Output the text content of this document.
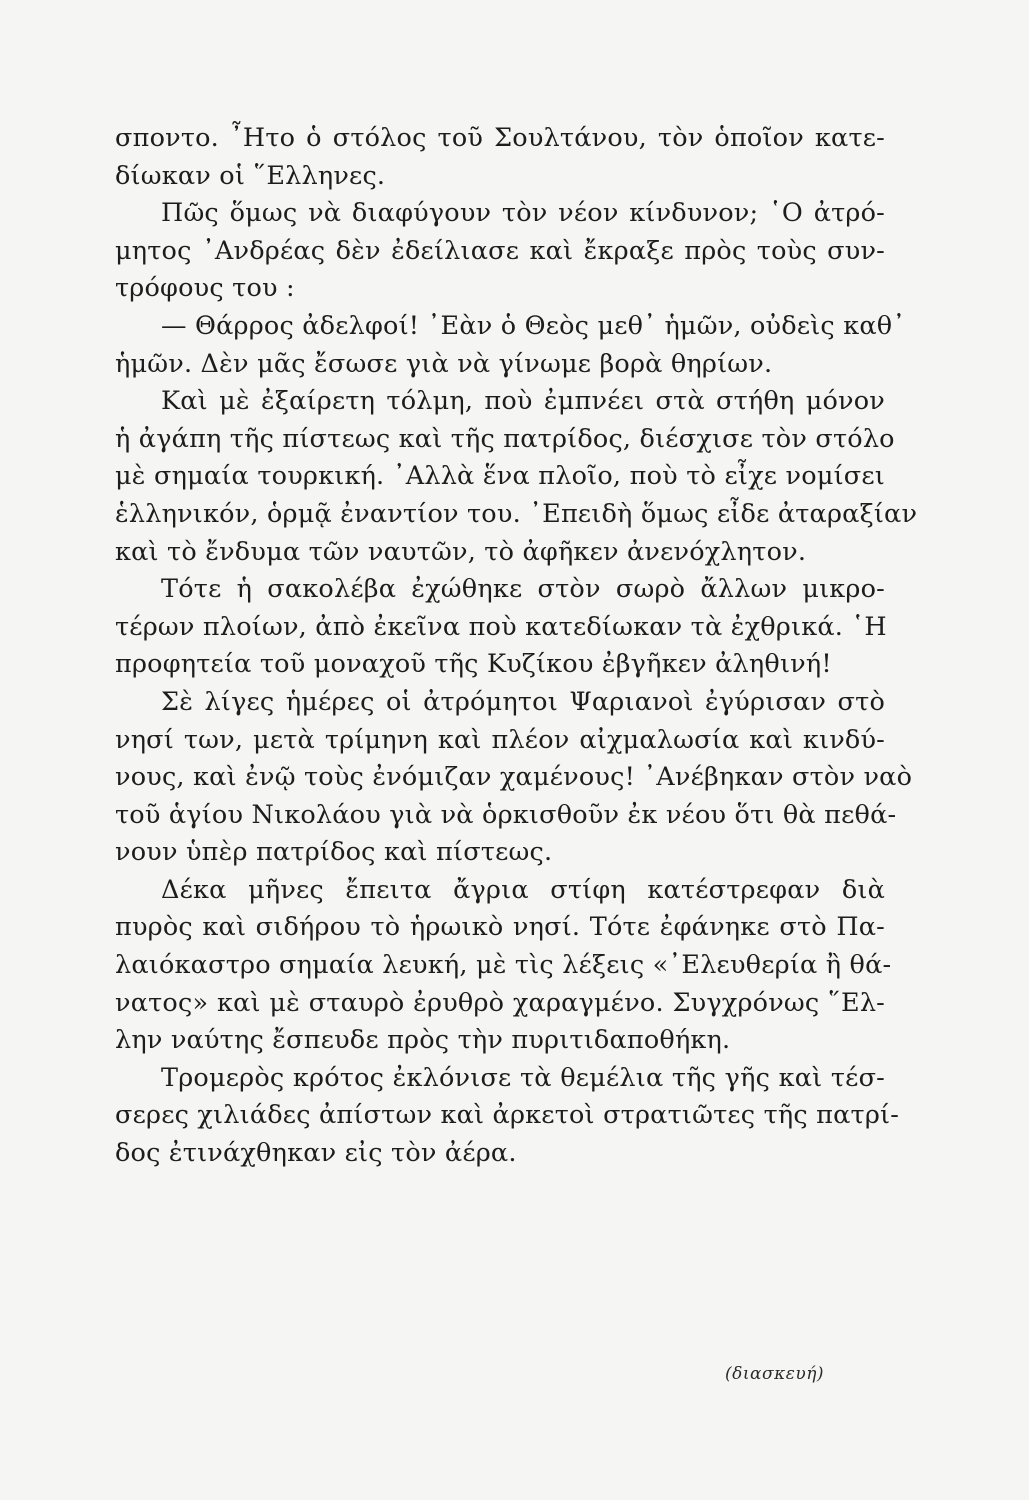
σποντο. ῏Ητο ὁ στόλος τοῦ Σουλτάνου, τὸν ὁποῖον κατε-
δίωκαν οἱ ῞Ελληνες.
Πῶς ὅμως νὰ διαφύγουν τὸν νέον κίνδυνον; ῾Ο ἀτρό-
μητος ᾿Ανδρέας δὲν ἐδείλιασε καὶ ἔκραξε πρὸς τοὺς συν-
τρόφους του :
— Θάρρος ἀδελφοί! ᾿Εὰν ὁ Θεὸς μεθ᾿ ἡμῶν, οὐδεὶς καθ᾿
ἡμῶν. Δὲν μᾶς ἔσωσε γιὰ νὰ γίνωμε βορὰ θηρίων.
Καὶ μὲ ἐξαίρετη τόλμη, ποὺ ἐμπνέει στὰ στήθη μόνον
ἡ ἀγάπη τῆς πίστεως καὶ τῆς πατρίδος, διέσχισε τὸν στόλο
μὲ σημαία τουρκική. ᾿Αλλὰ ἕνα πλοῖο, ποὺ τὸ εἶχε νομίσει
ἑλληνικόν, ὁρμᾷ ἐναντίον του. ᾿Επειδὴ ὅμως εἶδε ἀταραξίαν
καὶ τὸ ἔνδυμα τῶν ναυτῶν, τὸ ἀφῆκεν ἀνενόχλητον.
Τότε ἡ σακολέβα ἐχώθηκε στὸν σωρὸ ἄλλων μικρο-
τέρων πλοίων, ἀπὸ ἐκεῖνα ποὺ κατεδίωκαν τὰ ἐχθρικά. ῾Η
προφητεία τοῦ μοναχοῦ τῆς Κυζίκου ἐβγῆκεν ἀληθινή!
Σὲ λίγες ἡμέρες οἱ ἀτρόμητοι Ψαριανοὶ ἐγύρισαν στὸ
νησί των, μετὰ τρίμηνη καὶ πλέον αἰχμαλωσία καὶ κινδύ-
νους, καὶ ἐνῷ τοὺς ἐνόμιζαν χαμένους! ᾿Ανέβηκαν στὸν ναὸ
τοῦ ἁγίου Νικολάου γιὰ νὰ ὁρκισθοῦν ἐκ νέου ὅτι θὰ πεθά-
νουν ὑπὲρ πατρίδος καὶ πίστεως.
Δέκα μῆνες ἔπειτα ἄγρια στίφη κατέστρεφαν διὰ
πυρὸς καὶ σιδήρου τὸ ἡρωικὸ νησί. Τότε ἐφάνηκε στὸ Πα-
λαιόκαστρο σημαία λευκή, μὲ τὶς λέξεις «᾿Ελευθερία ἢ θά-
νατος» καὶ μὲ σταυρὸ ἐρυθρὸ χαραγμένο. Συγχρόνως ῞Ελ-
λην ναύτης ἔσπευδε πρὸς τὴν πυριτιδαποθήκη.
Τρομερὸς κρότος ἐκλόνισε τὰ θεμέλια τῆς γῆς καὶ τέσ-
σερες χιλιάδες ἀπίστων καὶ ἀρκετοὶ στρατιῶτες τῆς πατρί-
δος ἐτινάχθηκαν εἰς τὸν ἀέρα.
(διασκευή)
